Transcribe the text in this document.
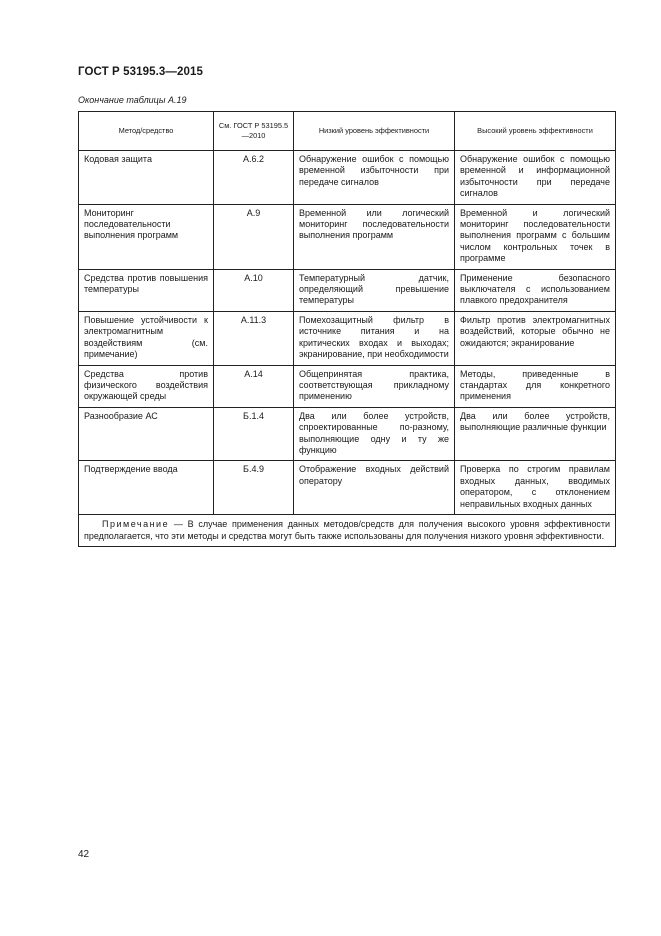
ГОСТ Р 53195.3—2015
Окончание таблицы А.19
Метод/средство	См. ГОСТ Р 53195.5—2010	Низкий уровень эффективности	Высокий уровень эффективности
Кодовая защита	А.6.2	Обнаружение ошибок с помощью временной избыточности при передаче сигналов	Обнаружение ошибок с помощью временной и информационной избыточности при передаче сигналов
Мониторинг последовательности выполнения программ	А.9	Временной или логический мониторинг последовательности выполнения программ	Временной и логический мониторинг последовательности выполнения программ с большим числом контрольных точек в программе
Средства против повышения температуры	А.10	Температурный датчик, определяющий превышение температуры	Применение безопасного выключателя с использованием плавкого предохранителя
Повышение устойчивости к электромагнитным воздействиям (см. примечание)	А.11.3	Помехозащитный фильтр в источнике питания и на критических входах и выходах; экранирование, при необходимости	Фильтр против электромагнитных воздействий, которые обычно не ожидаются; экранирование
Средства против физического воздействия окружающей среды	А.14	Общепринятая практика, соответствующая прикладному применению	Методы, приведенные в стандартах для конкретного применения
Разнообразие АС	Б.1.4	Два или более устройств, спроектированные по-разному, выполняющие одну и ту же функцию	Два или более устройств, выполняющие различные функции
Подтверждение ввода	Б.4.9	Отображение входных действий оператору	Проверка по строгим правилам входных данных, вводимых оператором, с отклонением неправильных входных данных
Примечание — В случае применения данных методов/средств для получения высокого уровня эффективности предполагается, что эти методы и средства могут быть также использованы для получения низкого уровня эффективности.			
42
